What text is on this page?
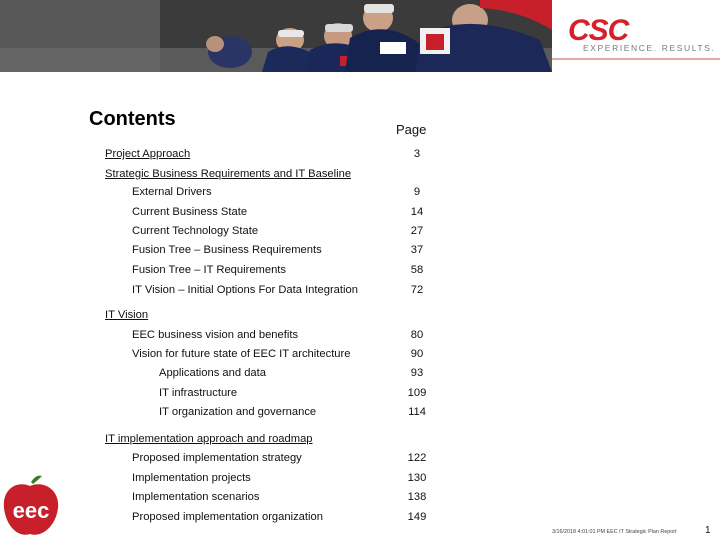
CSC
EXPERIENCE. RESULTS.
Contents	Page
Project Approach	3
Strategic Business Requirements and IT Baseline
External Drivers	9
Current Business State	14
Current Technology State	27
Fusion Tree – Business Requirements	37
Fusion Tree – IT Requirements	58
IT Vision – Initial Options For Data Integration	72
IT Vision
EEC business vision and benefits	80
Vision for future state of EEC IT architecture	90
Applications and data	93
IT infrastructure	109
IT organization and governance	114
IT implementation approach and roadmap
Proposed implementation strategy	122
Implementation projects	130
Implementation scenarios	138
Proposed implementation organization	149
eec
3/16/2018 4:01:01 PM EEC IT Strategic Plan Report	1
